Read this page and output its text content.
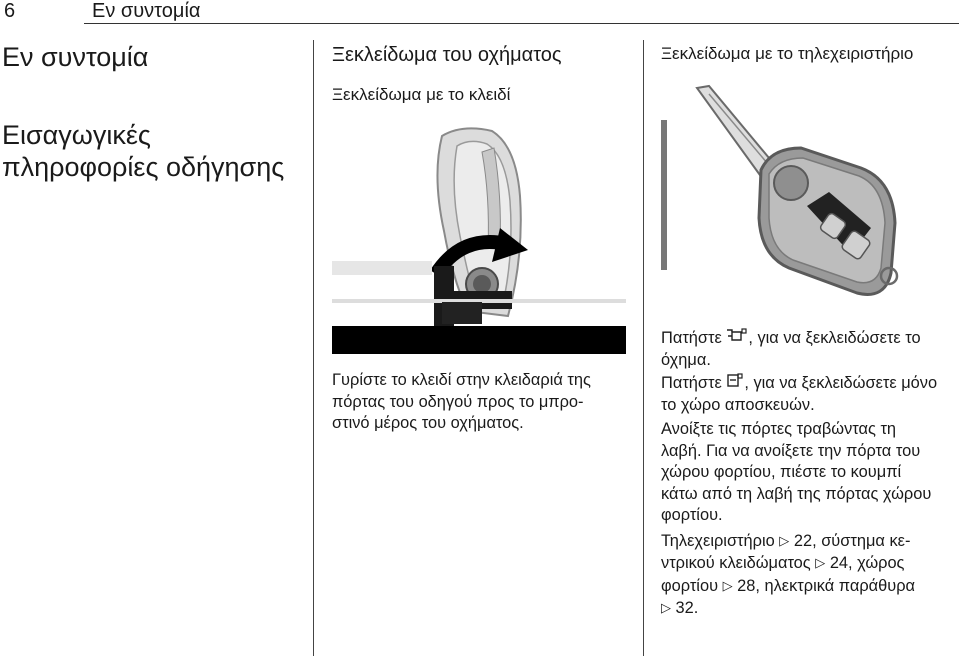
6	Εν συντομία
Εν συντομία
Εισαγωγικές
πληροφορίες οδήγησης
Ξεκλείδωμα του οχήματος
Ξεκλείδωμα με το κλειδί

Γυρίστε το κλειδί στην κλειδαριά της

πόρτας του οδηγού προς το μπρο-

στινό μέρος του οχήματος.

Ξεκλείδωμα με το τηλεχειριστήριο

Πατήστε , για να ξεκλειδώσετε το

όχημα.

Πατήστε , για να ξεκλειδώσετε μόνο

το χώρο αποσκευών.

Ανοίξτε τις πόρτες τραβώντας τη

λαβή. Για να ανοίξετε την πόρτα του

χώρου φορτίου, πιέστε το κουμπί

κάτω από τη λαβή της πόρτας χώρου

φορτίου.

Τηλεχειριστήριο ▷ 22, σύστημα κε-

ντρικού κλειδώματος ▷ 24, χώρος

φορτίου ▷ 28, ηλεκτρικά παράθυρα

▷ 32.
